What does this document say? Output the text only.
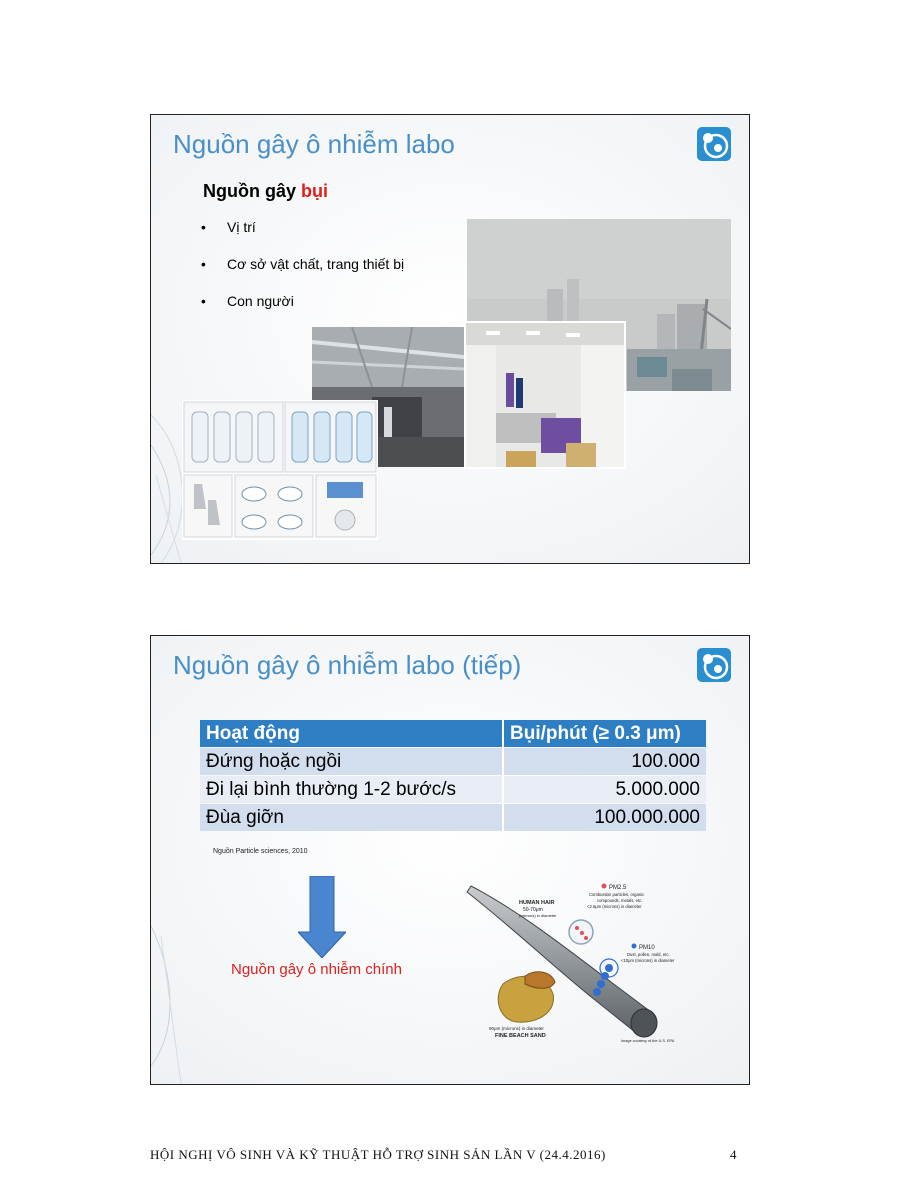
Nguồn gây ô nhiễm labo
Nguồn gây bụi
• Vị trí
• Cơ sở vật chất, trang thiết bị
• Con người
Nguồn gây ô nhiễm labo (tiếp)
Hoạt động	Bụi/phút (≥ 0.3 μm)
Đứng hoặc ngồi	100.000
Đi lại bình thường 1-2 bước/s	5.000.000
Đùa giỡn	100.000.000
Nguồn Particle sciences, 2010
Nguồn gây ô nhiễm chính
HUMAN HAIR
50-70μm
(microns) in diameter
PM2.5
Combustion particles, organic
compounds, metals, etc.
<2.5μm (microns) in diameter
PM10
Dust, pollen, mold, etc.
<10μm (microns) in diameter
90μm (microns) in diameter
FINE BEACH SAND
Image courtesy of the U.S. EPA
HỘI NGHỊ VÔ SINH VÀ KỸ THUẬT HỖ TRỢ SINH SẢN LẦN V (24.4.2016)	4
